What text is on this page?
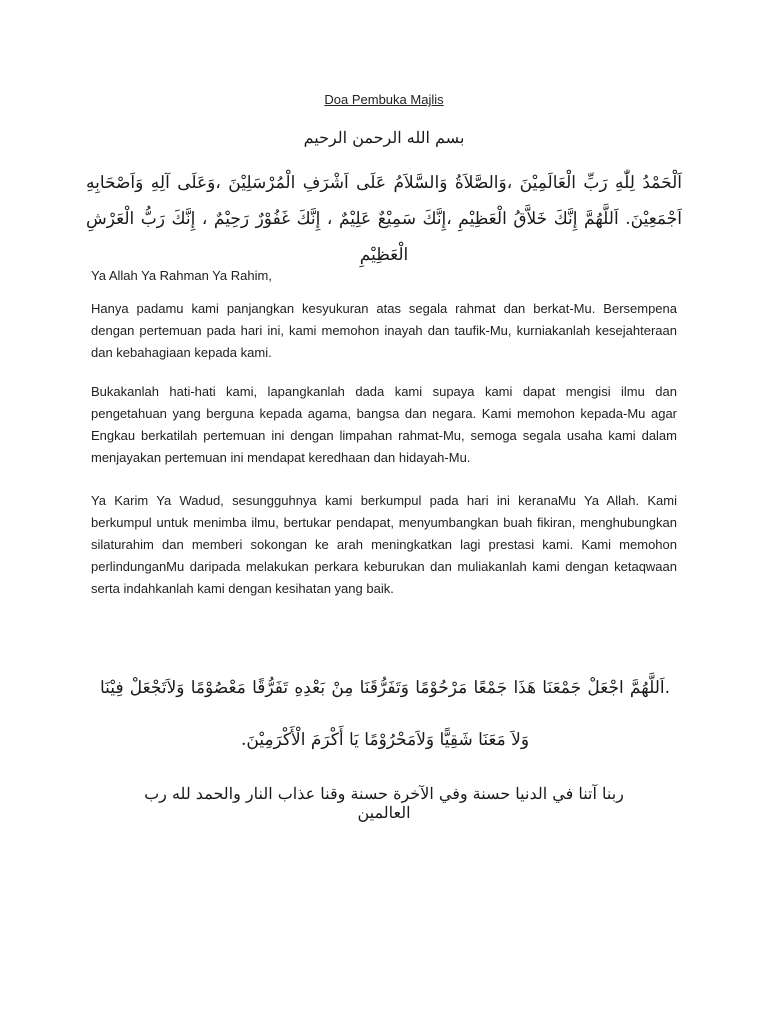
Doa Pembuka Majlis
بسم الله الرحمن الرحيم
اَلْحَمْدُ لِلّٰهِ رَبِّ الْعَالَمِيْنَ ،وَالصَّلاَةُ وَالسَّلاَمُ عَلَى اَشْرَفِ الْمُرْسَلِيْنَ ،وَعَلَى آلِهِ وَاَصْحَابِهِ اَجْمَعِيْنَ. اَللَّهُمَّ إِنَّكَ خَلاَّقُ الْعَظِيْمِ ،إِنَّكَ سَمِيْعٌ عَلِيْمٌ ، إِنَّكَ غَفُوْرٌ رَحِيْمٌ ، إِنَّكَ رَبُّ الْعَرْشِ الْعَظِيْمِ
Ya Allah Ya Rahman Ya Rahim,

Hanya padamu kami panjangkan kesyukuran atas segala rahmat dan berkat-Mu. Bersempena dengan pertemuan pada hari ini, kami memohon inayah dan taufik-Mu, kurniakanlah kesejahteraan dan kebahagiaan kepada kami.

Bukakanlah hati-hati kami, lapangkanlah dada kami supaya kami dapat mengisi ilmu dan pengetahuan yang berguna kepada agama, bangsa dan negara. Kami memohon kepada-Mu agar Engkau berkatilah pertemuan ini dengan limpahan rahmat-Mu, semoga segala usaha kami dalam menjayakan pertemuan ini mendapat keredhaan dan hidayah-Mu.

Ya Karim Ya Wadud, sesungguhnya kami berkumpul pada hari ini keranaMu Ya Allah. Kami berkumpul untuk menimba ilmu, bertukar pendapat, menyumbangkan buah fikiran, menghubungkan silaturahim dan memberi sokongan ke arah meningkatkan lagi prestasi kami. Kami memohon perlindunganMu daripada melakukan perkara keburukan dan muliakanlah kami dengan ketaqwaan serta indahkanlah kami dengan kesihatan yang baik.

.اَللَّهُمَّ اجْعَلْ جَمْعَنَا هَذَا جَمْعًا مَرْحُوْمًا وَتَفَرُّقَنَا مِنْ بَعْدِهِ تَفَرُّقًا مَعْصُوْمًا وَلاَتَجْعَلْ فِيْنَا وَلاَ مَعَنَا شَقِيًّا وَلاَمَحْرُوْمًا يَا أَكْرَمَ الْأَكْرَمِيْنَ.
ربنا آتنا في الدنيا حسنة وفي الآخرة حسنة وقنا عذاب النار والحمد لله رب العالمين
